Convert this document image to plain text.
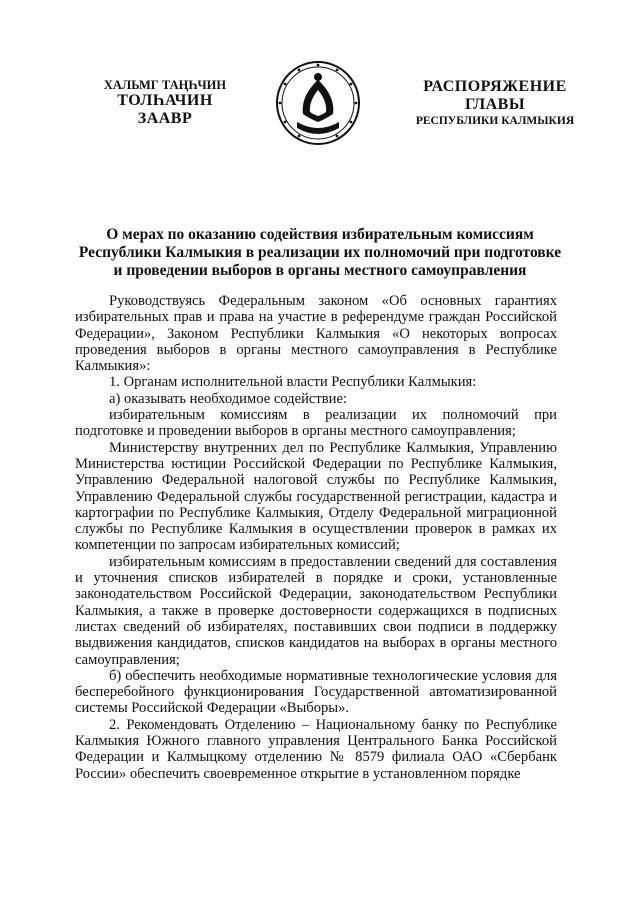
ХАЛЬМГ ТАҢҺЧИН
ТОЛҺАЧИН
ЗААВР
РАСПОРЯЖЕНИЕ
ГЛАВЫ
РЕСПУБЛИКИ КАЛМЫКИЯ
О мерах по оказанию содействия избирательным комиссиям
Республики Калмыкия в реализации их полномочий при подготовке
и проведении выборов в органы местного самоуправления

Руководствуясь Федеральным законом «Об основных гарантиях избирательных прав и права на участие в референдуме граждан Российской Федерации», Законом Республики Калмыкия «О некоторых вопросах проведения выборов в органы местного самоуправления в Республике Калмыкия»:

1. Органам исполнительной власти Республики Калмыкия:

а) оказывать необходимое содействие:

избирательным комиссиям в реализации их полномочий при подготовке и проведении выборов в органы местного самоуправления;

Министерству внутренних дел по Республике Калмыкия, Управлению Министерства юстиции Российской Федерации по Республике Калмыкия, Управлению Федеральной налоговой службы по Республике Калмыкия, Управлению Федеральной службы государственной регистрации, кадастра и картографии по Республике Калмыкия, Отделу Федеральной миграционной службы по Республике Калмыкия в осуществлении проверок в рамках их компетенции по запросам избирательных комиссий;

избирательным комиссиям в предоставлении сведений для составления и уточнения списков избирателей в порядке и сроки, установленные законодательством Российской Федерации, законодательством Республики Калмыкия, а также в проверке достоверности содержащихся в подписных листах сведений об избирателях, поставивших свои подписи в поддержку выдвижения кандидатов, списков кандидатов на выборах в органы местного самоуправления;

б) обеспечить необходимые нормативные технологические условия для бесперебойного функционирования Государственной автоматизированной системы Российской Федерации «Выборы».

2. Рекомендовать Отделению – Национальному банку по Республике Калмыкия Южного главного управления Центрального Банка Российской Федерации и Калмыцкому отделению № 8579 филиала ОАО «Сбербанк России» обеспечить своевременное открытие в установленном порядке
